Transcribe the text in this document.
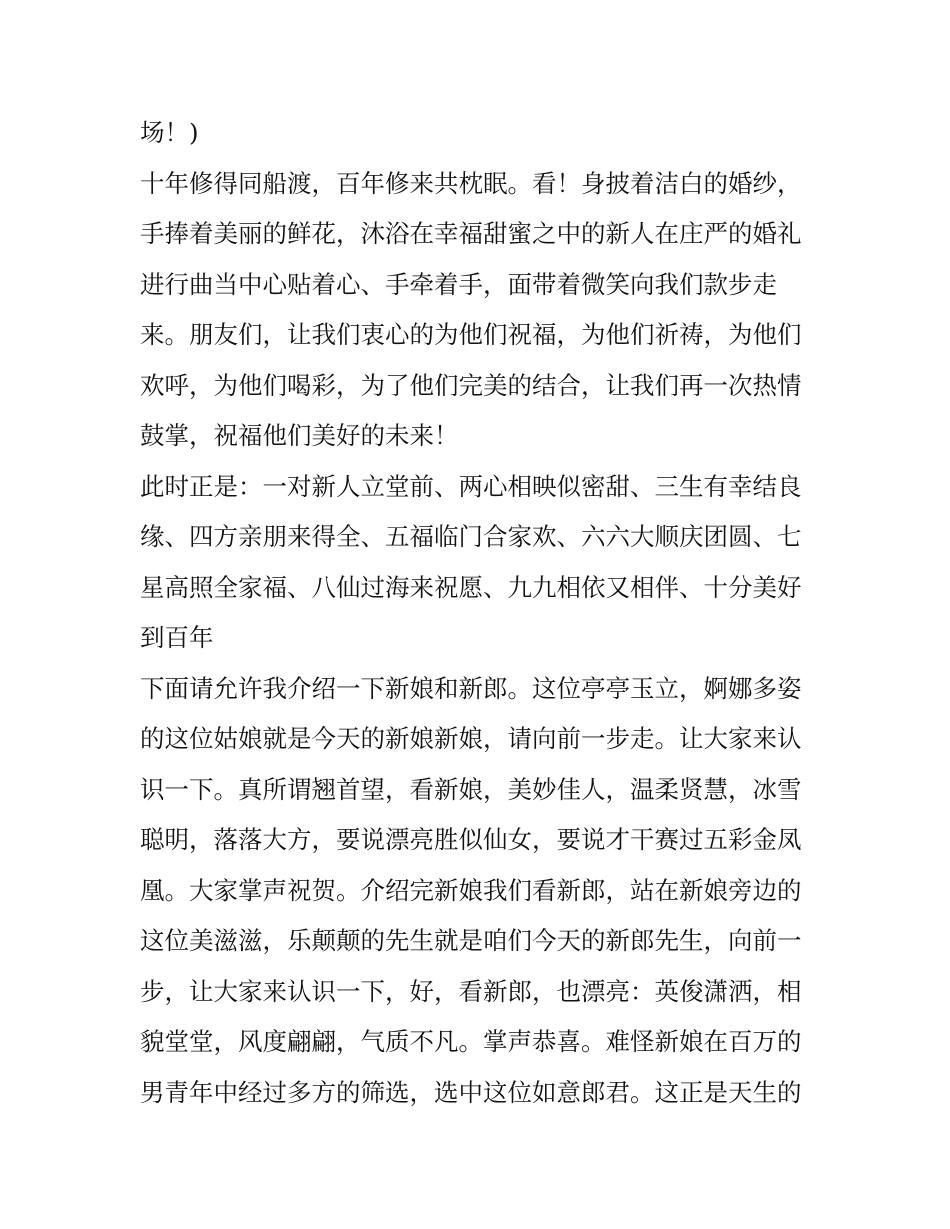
场！)
十年修得同船渡，百年修来共枕眠。看！身披着洁白的婚纱，
手捧着美丽的鲜花，沐浴在幸福甜蜜之中的新人在庄严的婚礼
进行曲当中心贴着心、手牵着手，面带着微笑向我们款步走
来。朋友们，让我们衷心的为他们祝福，为他们祈祷，为他们
欢呼，为他们喝彩，为了他们完美的结合，让我们再一次热情
鼓掌，祝福他们美好的未来！
此时正是：一对新人立堂前、两心相映似密甜、三生有幸结良
缘、四方亲朋来得全、五福临门合家欢、六六大顺庆团圆、七
星高照全家福、八仙过海来祝愿、九九相依又相伴、十分美好
到百年
下面请允许我介绍一下新娘和新郎。这位亭亭玉立，婀娜多姿
的这位姑娘就是今天的新娘新娘，请向前一步走。让大家来认
识一下。真所谓翘首望，看新娘，美妙佳人，温柔贤慧，冰雪
聪明，落落大方，要说漂亮胜似仙女，要说才干赛过五彩金凤
凰。大家掌声祝贺。介绍完新娘我们看新郎，站在新娘旁边的
这位美滋滋，乐颠颠的先生就是咱们今天的新郎先生，向前一
步，让大家来认识一下，好，看新郎，也漂亮：英俊潇洒，相
貌堂堂，风度翩翩，气质不凡。掌声恭喜。难怪新娘在百万的
男青年中经过多方的筛选，选中这位如意郎君。这正是天生的
